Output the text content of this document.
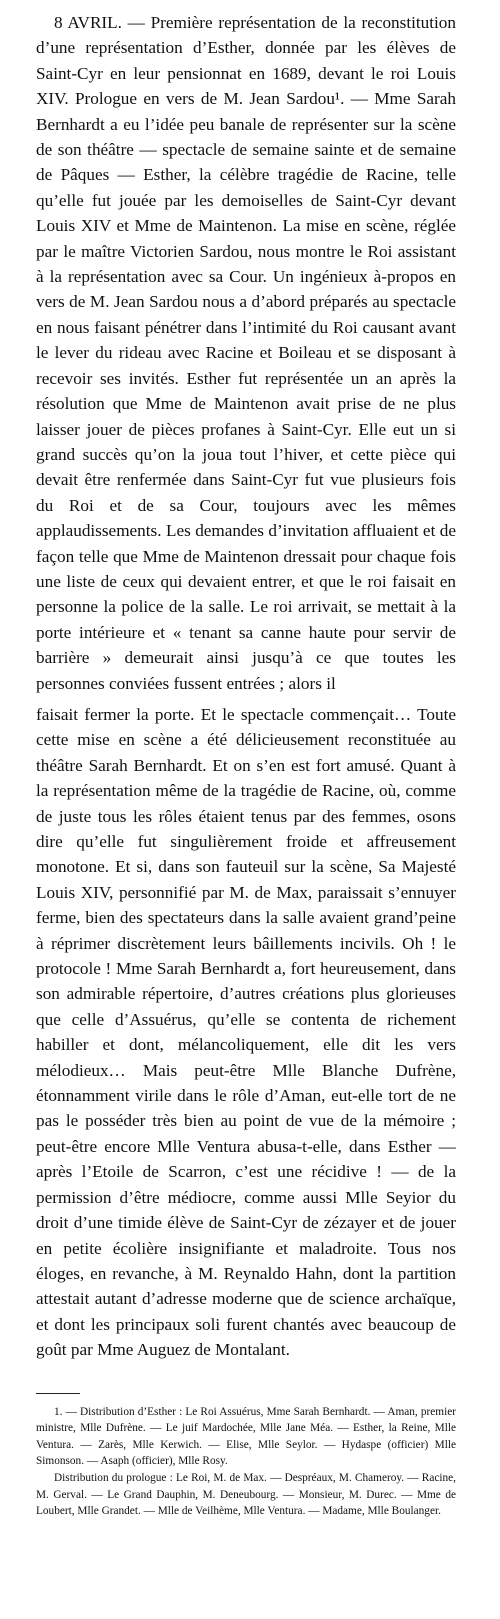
8 AVRIL. — Première représentation de la reconstitution d’une représentation d’Esther, donnée par les élèves de Saint-Cyr en leur pensionnat en 1689, devant le roi Louis XIV. Prologue en vers de M. Jean Sardou¹. — Mme Sarah Bernhardt a eu l’idée peu banale de représenter sur la scène de son théâtre — spectacle de semaine sainte et de semaine de Pâques — Esther, la célèbre tragédie de Racine, telle qu’elle fut jouée par les demoiselles de Saint-Cyr devant Louis XIV et Mme de Maintenon. La mise en scène, réglée par le maître Victorien Sardou, nous montre le Roi assistant à la représentation avec sa Cour. Un ingénieux à-propos en vers de M. Jean Sardou nous a d’abord préparés au spectacle en nous faisant pénétrer dans l’intimité du Roi causant avant le lever du rideau avec Racine et Boileau et se disposant à recevoir ses invités. Esther fut représentée un an après la résolution que Mme de Maintenon avait prise de ne plus laisser jouer de pièces profanes à Saint-Cyr. Elle eut un si grand succès qu’on la joua tout l’hiver, et cette pièce qui devait être renfermée dans Saint-Cyr fut vue plusieurs fois du Roi et de sa Cour, toujours avec les mêmes applaudissements. Les demandes d’invitation affluaient et de façon telle que Mme de Maintenon dressait pour chaque fois une liste de ceux qui devaient entrer, et que le roi faisait en personne la police de la salle. Le roi arrivait, se mettait à la porte intérieure et « tenant sa canne haute pour servir de barrière » demeurait ainsi jusqu’à ce que toutes les personnes conviées fussent entrées ; alors il

faisait fermer la porte. Et le spectacle commençait… Toute cette mise en scène a été délicieusement reconstituée au théâtre Sarah Bernhardt. Et on s’en est fort amusé. Quant à la représentation même de la tragédie de Racine, où, comme de juste tous les rôles étaient tenus par des femmes, osons dire qu’elle fut singulièrement froide et affreusement monotone. Et si, dans son fauteuil sur la scène, Sa Majesté Louis XIV, personnifié par M. de Max, paraissait s’ennuyer ferme, bien des spectateurs dans la salle avaient grand’peine à réprimer discrètement leurs bâillements incivils. Oh ! le protocole ! Mme Sarah Bernhardt a, fort heureusement, dans son admirable répertoire, d’autres créations plus glorieuses que celle d’Assuérus, qu’elle se contenta de richement habiller et dont, mélancoliquement, elle dit les vers mélodieux… Mais peut-être Mlle Blanche Dufrène, étonnamment virile dans le rôle d’Aman, eut-elle tort de ne pas le posséder très bien au point de vue de la mémoire ; peut-être encore Mlle Ventura abusa-t-elle, dans Esther — après l’Etoile de Scarron, c’est une récidive ! — de la permission d’être médiocre, comme aussi Mlle Seyior du droit d’une timide élève de Saint-Cyr de zézayer et de jouer en petite écolière insignifiante et maladroite. Tous nos éloges, en revanche, à M. Reynaldo Hahn, dont la partition attestait autant d’adresse moderne que de science archaïque, et dont les principaux soli furent chantés avec beaucoup de goût par Mme Auguez de Montalant.

1. — Distribution d’Esther : Le Roi Assuérus, Mme Sarah Bernhardt. — Aman, premier ministre, Mlle Dufrène. — Le juif Mardochée, Mlle Jane Méa. — Esther, la Reine, Mlle Ventura. — Zarès, Mlle Kerwich. — Elise, Mlle Seylor. — Hydaspe (officier) Mlle Simonson. — Asaph (officier), Mlle Rosy.

Distribution du prologue : Le Roi, M. de Max. — Despréaux, M. Chameroy. — Racine, M. Gerval. — Le Grand Dauphin, M. Deneubourg. — Monsieur, M. Durec. — Mme de Loubert, Mlle Grandet. — Mlle de Veilhème, Mlle Ventura. — Madame, Mlle Boulanger.
